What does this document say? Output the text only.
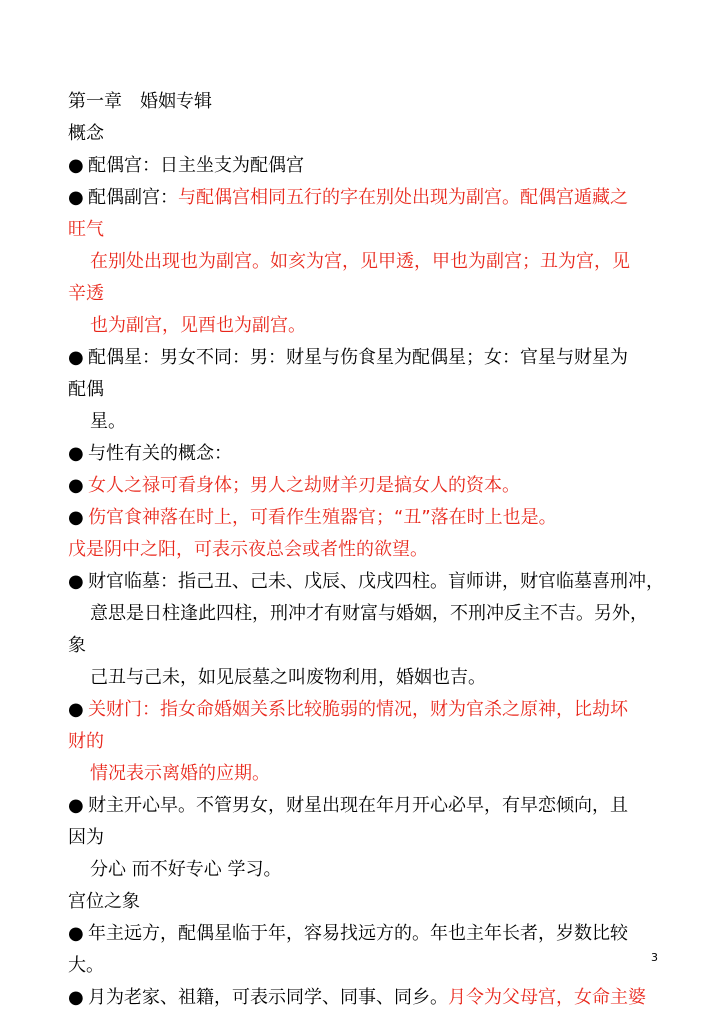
第一章　婚姻专辑
概念
● 配偶宫：日主坐支为配偶宫
● 配偶副宫：与配偶宫相同五行的字在别处出现为副宫。配偶宫遁藏之
旺气
在别处出现也为副宫。如亥为宫，见甲透，甲也为副宫；丑为宫，见
辛透
也为副宫，见酉也为副宫。
● 配偶星：男女不同：男：财星与伤食星为配偶星；女：官星与财星为
配偶
星。
● 与性有关的概念：
● 女人之禄可看身体；男人之劫财羊刃是搞女人的资本。
● 伤官食神落在时上，可看作生殖器官；“丑”落在时上也是。
戊是阴中之阳，可表示夜总会或者性的欲望。
● 财官临墓：指己丑、己未、戊辰、戊戌四柱。盲师讲，财官临墓喜刑冲，
意思是日柱逢此四柱，刑冲才有财富与婚姻，不刑冲反主不吉。另外，
象
己丑与己未，如见辰墓之叫废物利用，婚姻也吉。
● 关财门：指女命婚姻关系比较脆弱的情况，财为官杀之原神，比劫坏
财的
情况表示离婚的应期。
● 财主开心早。不管男女，财星出现在年月开心必早，有早恋倾向，且
因为
分心 而不好专心 学习。
宫位之象
● 年主远方，配偶星临于年，容易找远方的。年也主年长者，岁数比较
大。
● 月为老家、祖籍，可表示同学、同事、同乡。月令为父母宫，女命主婆
3
